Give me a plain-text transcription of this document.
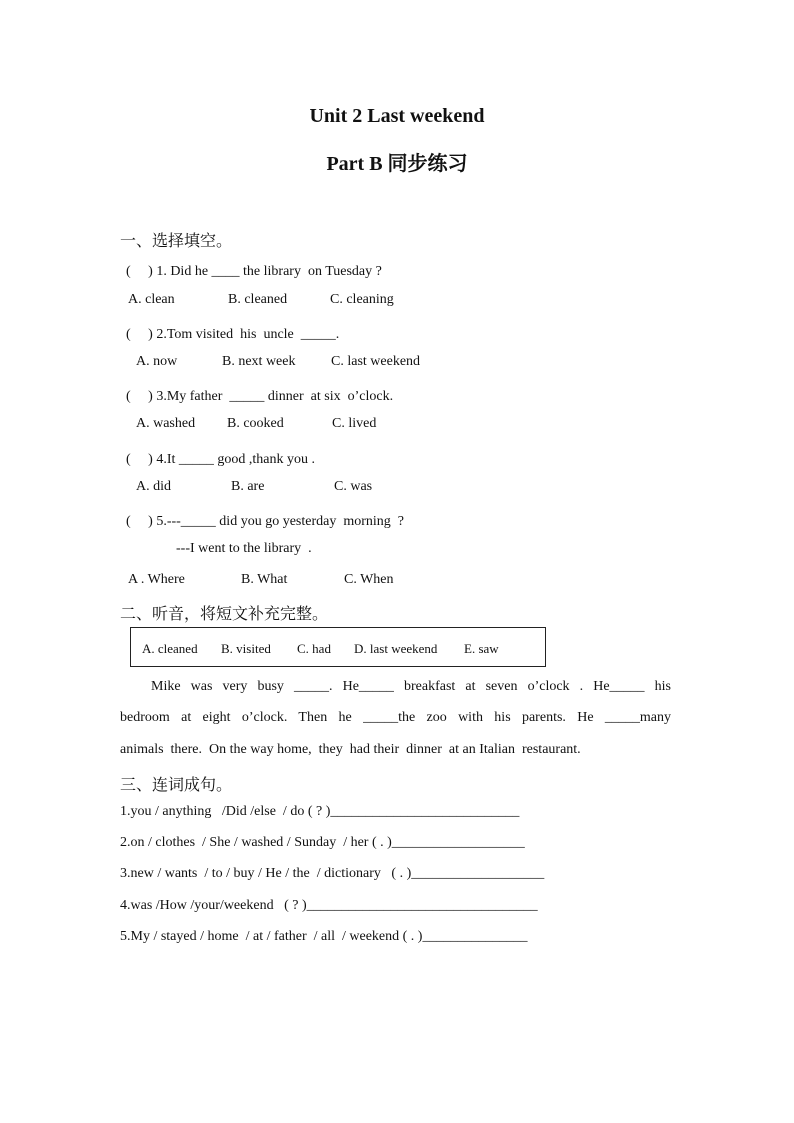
Unit 2 Last weekend
Part B 同步练习
一、选择填空。
(　 ) 1. Did he ____ the library  on Tuesday ?
A. clean	B. cleaned	C. cleaning
(　 ) 2.Tom visited  his  uncle  _____.
A. now	B. next week	C. last weekend
(　 ) 3.My father  _____ dinner  at six  o’clock.
A. washed B. cooked	C. lived
(　 ) 4.It _____ good ,thank you .
A. did	B. are	C. was
(　 ) 5.---_____ did you go yesterday  morning  ?
---I went to the library  .
A . Where	B. What	C. When
二、听音，将短文补充完整。
A. cleaned B. visited C. had D. last weekend E. saw
Mike was very busy _____. He_____ breakfast at seven o’clock . He_____ his
bedroom at eight o’clock. Then he _____the zoo with his parents. He _____many
animals  there.  On the way home,  they  had their  dinner  at an Italian  restaurant.
三、连词成句。
1.you / anything   /Did /else  / do ( ? )___________________________
2.on / clothes  / She / washed / Sunday  / her ( . )___________________
3.new / wants  / to / buy / He / the  / dictionary   ( . )___________________
4.was /How /your/weekend   ( ? )_________________________________
5.My / stayed / home  / at / father  / all  / weekend ( . )_______________
